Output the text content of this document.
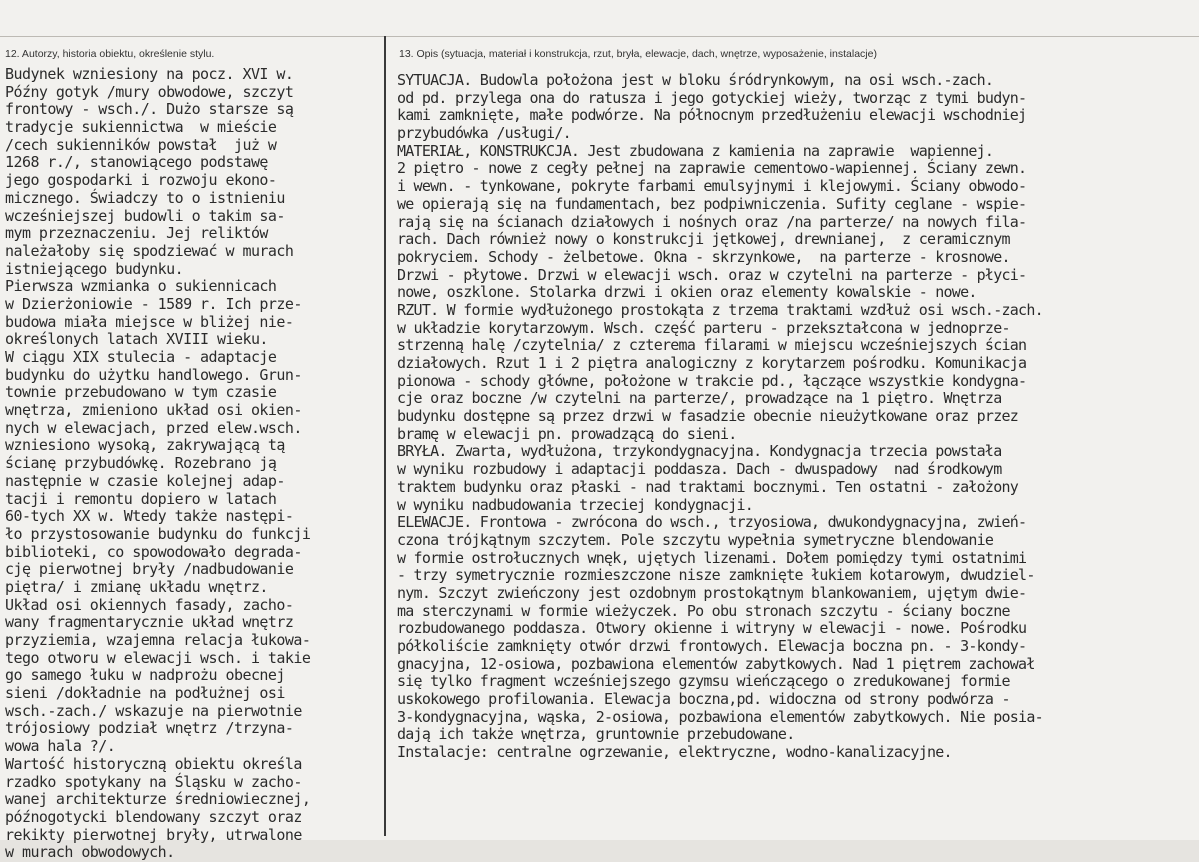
12. Autorzy, historia obiektu, określenie stylu.	13. Opis (sytuacja, materiał i konstrukcja, rzut, bryła, elewacje, dach, wnętrze, wyposażenie, instalacje)
Budynek wzniesiony na pocz. XVI w.
Późny gotyk /mury obwodowe, szczyt
frontowy - wsch./. Dużo starsze są
tradycje sukiennictwa  w mieście
/cech sukienników powstał  już w
1268 r./, stanowiącego podstawę
jego gospodarki i rozwoju ekono-
micznego. Świadczy to o istnieniu
wcześniejszej budowli o takim sa-
mym przeznaczeniu. Jej reliktów
należałoby się spodziewać w murach
istniejącego budynku.
Pierwsza wzmianka o sukiennicach
w Dzierżoniowie - 1589 r. Ich prze-
budowa miała miejsce w bliżej nie-
określonych latach XVIII wieku.
W ciągu XIX stulecia - adaptacje
budynku do użytku handlowego. Grun-
townie przebudowano w tym czasie
wnętrza, zmieniono układ osi okien-
nych w elewacjach, przed elew.wsch.
wzniesiono wysoką, zakrywającą tą
ścianę przybudówkę. Rozebrano ją
następnie w czasie kolejnej adap-
tacji i remontu dopiero w latach
60-tych XX w. Wtedy także następi-
ło przystosowanie budynku do funkcji
biblioteki, co spowodowało degrada-
cję pierwotnej bryły /nadbudowanie
piętra/ i zmianę układu wnętrz.
Układ osi okiennych fasady, zacho-
wany fragmentarycznie układ wnętrz
przyziemia, wzajemna relacja łukowa-
tego otworu w elewacji wsch. i takie
go samego łuku w nadprożu obecnej
sieni /dokładnie na podłużnej osi
wsch.-zach./ wskazuje na pierwotnie
trójosiowy podział wnętrz /trzyna-
wowa hala ?/.
Wartość historyczną obiektu określa
rzadko spotykany na Śląsku w zacho-
wanej architekturze średniowiecznej,
późnogotycki blendowany szczyt oraz
rekikty pierwotnej bryły, utrwalone
w murach obwodowych.
SYTUACJA. Budowla położona jest w bloku śródrynkowym, na osi wsch.-zach.
od pd. przylega ona do ratusza i jego gotyckiej wieży, tworząc z tymi budyn-
kami zamknięte, małe podwórze. Na północnym przedłużeniu elewacji wschodniej
przybudówka /usługi/.
MATERIAŁ, KONSTRUKCJA. Jest zbudowana z kamienia na zaprawie  wapiennej.
2 piętro - nowe z cegły pełnej na zaprawie cementowo-wapiennej. Ściany zewn.
i wewn. - tynkowane, pokryte farbami emulsyjnymi i klejowymi. Ściany obwodo-
we opierają się na fundamentach, bez podpiwniczenia. Sufity ceglane - wspie-
rają się na ścianach działowych i nośnych oraz /na parterze/ na nowych fila-
rach. Dach również nowy o konstrukcji jętkowej, drewnianej,  z ceramicznym
pokryciem. Schody - żelbetowe. Okna - skrzynkowe,  na parterze - krosnowe.
Drzwi - płytowe. Drzwi w elewacji wsch. oraz w czytelni na parterze - płyci-
nowe, oszklone. Stolarka drzwi i okien oraz elementy kowalskie - nowe.
RZUT. W formie wydłużonego prostokąta z trzema traktami wzdłuż osi wsch.-zach.
w układzie korytarzowym. Wsch. część parteru - przekształcona w jednoprze-
strzenną halę /czytelnia/ z czterema filarami w miejscu wcześniejszych ścian
działowych. Rzut 1 i 2 piętra analogiczny z korytarzem pośrodku. Komunikacja
pionowa - schody główne, położone w trakcie pd., łączące wszystkie kondygna-
cje oraz boczne /w czytelni na parterze/, prowadzące na 1 piętro. Wnętrza
budynku dostępne są przez drzwi w fasadzie obecnie nieużytkowane oraz przez
bramę w elewacji pn. prowadzącą do sieni.
BRYŁA. Zwarta, wydłużona, trzykondygnacyjna. Kondygnacja trzecia powstała
w wyniku rozbudowy i adaptacji poddasza. Dach - dwuspadowy  nad środkowym
traktem budynku oraz płaski - nad traktami bocznymi. Ten ostatni - założony
w wyniku nadbudowania trzeciej kondygnacji.
ELEWACJE. Frontowa - zwrócona do wsch., trzyosiowa, dwukondygnacyjna, zwień-
czona trójkątnym szczytem. Pole szczytu wypełnia symetryczne blendowanie
w formie ostrołucznych wnęk, ujętych lizenami. Dołem pomiędzy tymi ostatnimi
- trzy symetrycznie rozmieszczone nisze zamknięte łukiem kotarowym, dwudziel-
nym. Szczyt zwieńczony jest ozdobnym prostokątnym blankowaniem, ujętym dwie-
ma sterczynami w formie wieżyczek. Po obu stronach szczytu - ściany boczne
rozbudowanego poddasza. Otwory okienne i witryny w elewacji - nowe. Pośrodku
półkoliście zamknięty otwór drzwi frontowych. Elewacja boczna pn. - 3-kondy-
gnacyjna, 12-osiowa, pozbawiona elementów zabytkowych. Nad 1 piętrem zachował
się tylko fragment wcześniejszego gzymsu wieńczącego o zredukowanej formie
uskokowego profilowania. Elewacja boczna,pd. widoczna od strony podwórza -
3-kondygnacyjna, wąska, 2-osiowa, pozbawiona elementów zabytkowych. Nie posia-
dają ich także wnętrza, gruntownie przebudowane.
Instalacje: centralne ogrzewanie, elektryczne, wodno-kanalizacyjne.
